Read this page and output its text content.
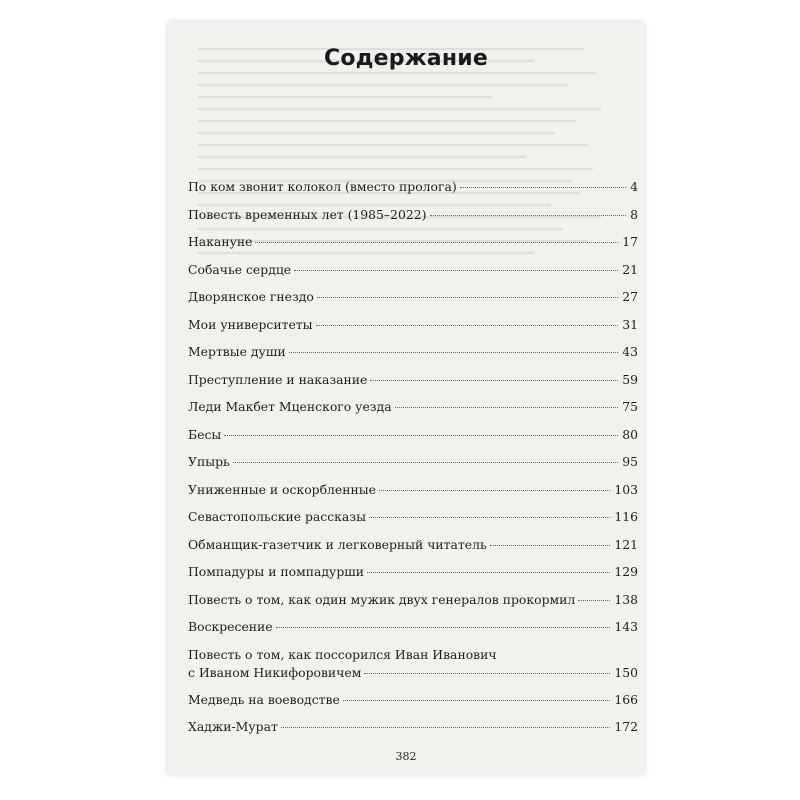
Содержание
По ком звонит колокол (вместо пролога)	4
Повесть временных лет (1985–2022)	8
Накануне	17
Собачье сердце	21
Дворянское гнездо	27
Мои университеты	31
Мертвые души	43
Преступление и наказание	59
Леди Макбет Мценского уезда	75
Бесы	80
Упырь	95
Униженные и оскорбленные	103
Севастопольские рассказы	116
Обманщик-газетчик и легковерный читатель	121
Помпадуры и помпадурши	129
Повесть о том, как один мужик двух генералов прокормил	138
Воскресение	143
Повесть о том, как поссорился Иван Иванович
с Иваном Никифоровичем	150
Медведь на воеводстве	166
Хаджи-Мурат	172
382
